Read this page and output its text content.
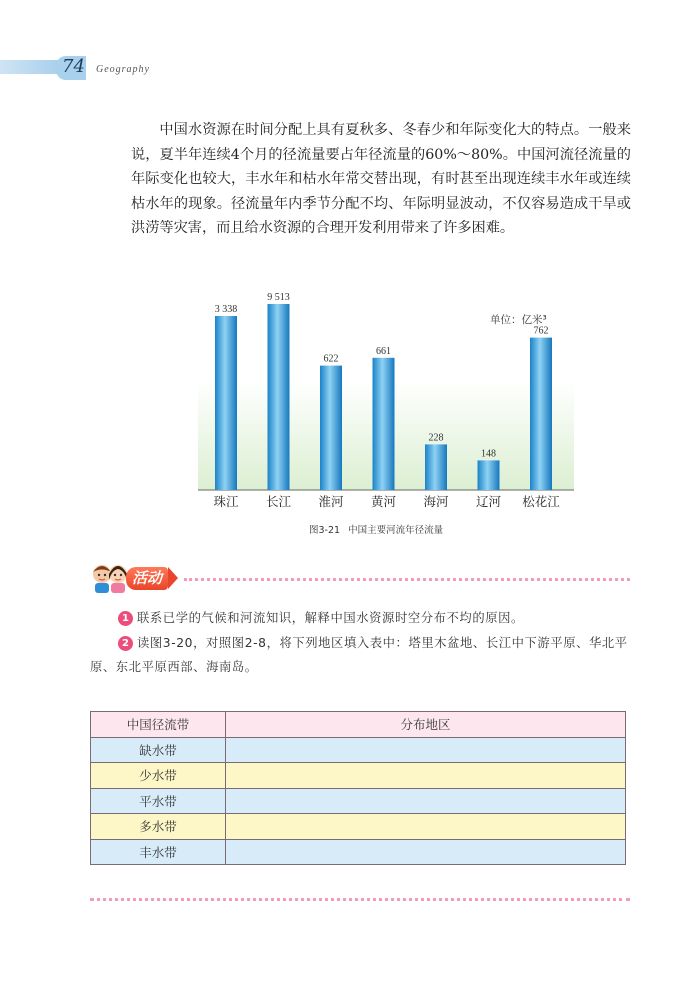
74 Geography

中国水资源在时间分配上具有夏秋多、冬春少和年际变化大的特点。一般来说，夏半年连续4个月的径流量要占年径流量的60%～80%。中国河流径流量的年际变化也较大，丰水年和枯水年常交替出现，有时甚至出现连续丰水年或连续枯水年的现象。径流量年内季节分配不均、年际明显波动，不仅容易造成干旱或洪涝等灾害，而且给水资源的合理开发利用带来了许多困难。

单位：亿米³
3 338
珠江
9 513
长江
622
淮河
661
黄河
228
海河
148
辽河
762
松花江
图3-21 中国主要河流年径流量
活动
1 联系已学的气候和河流知识，解释中国水资源时空分布不均的原因。
2 读图3-20，对照图2-8，将下列地区填入表中：塔里木盆地、长江中下游平原、华北平原、东北平原西部、海南岛。
中国径流带	分布地区
缺水带	
少水带	
平水带	
多水带	
丰水带	
